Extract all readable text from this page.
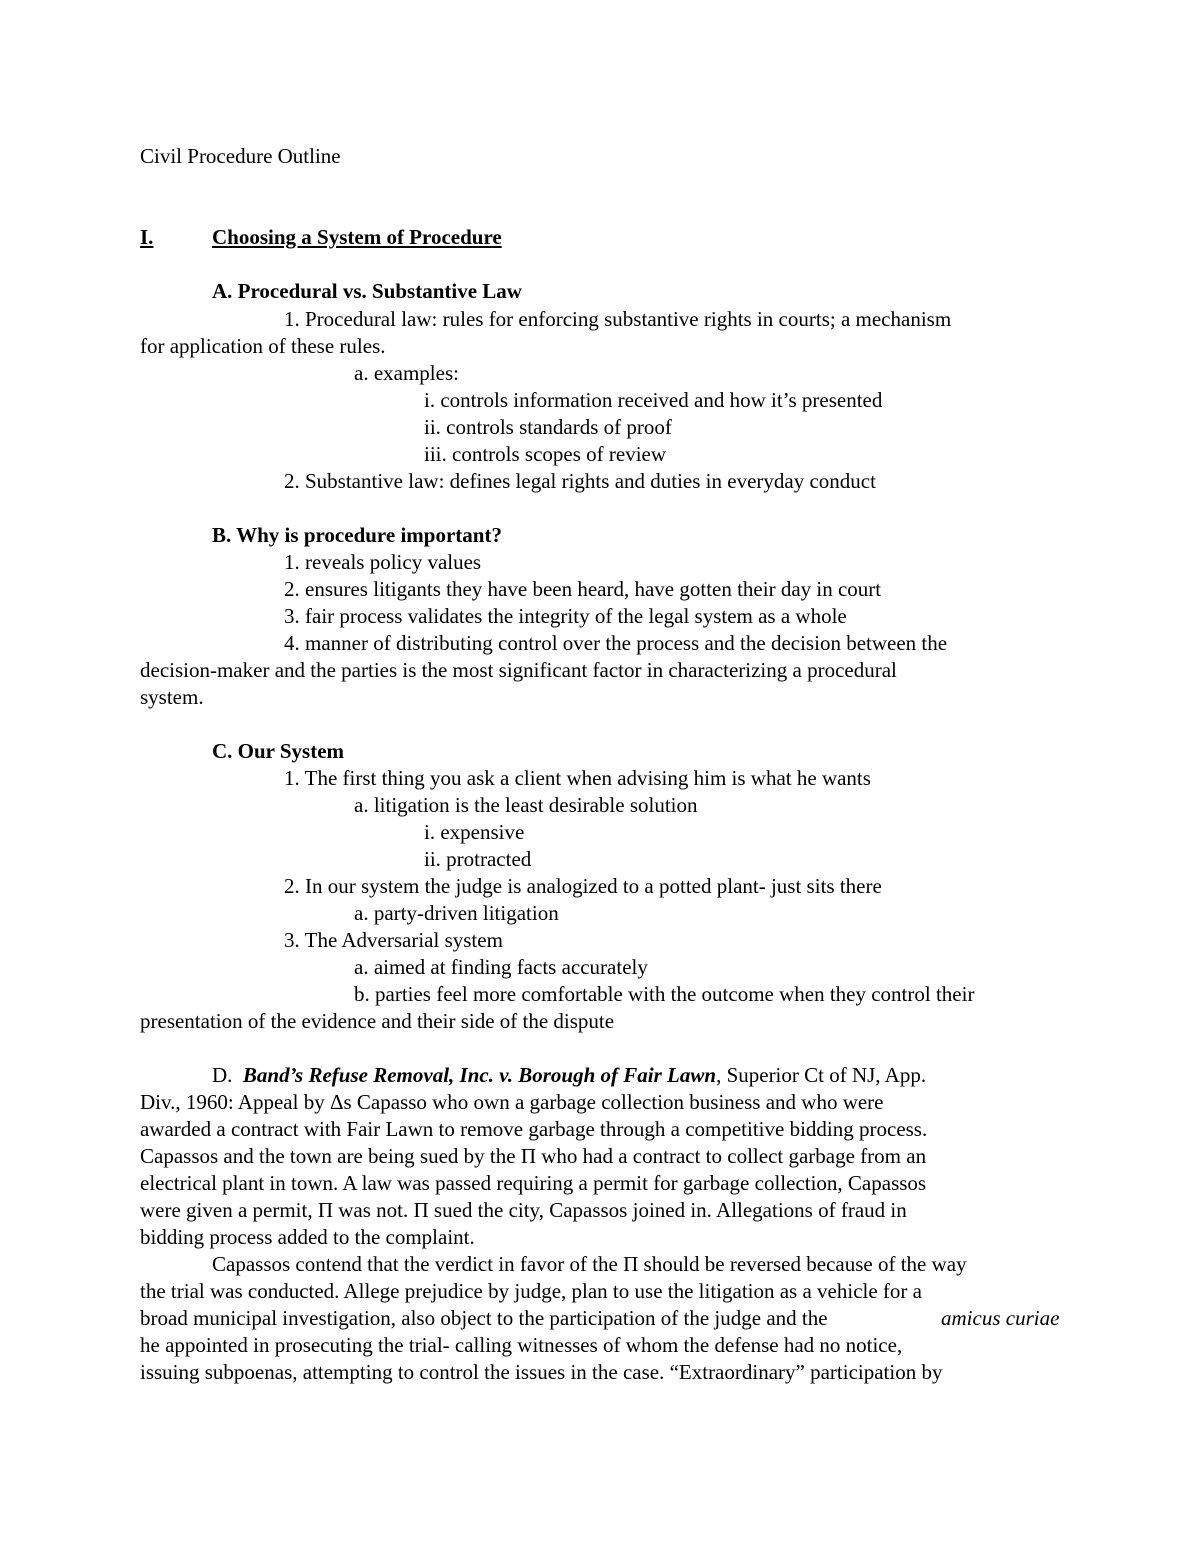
Civil Procedure Outline
I.	Choosing a System of Procedure
A. Procedural vs. Substantive Law
1. Procedural law: rules for enforcing substantive rights in courts; a mechanism
for application of these rules.
a. examples:
i. controls information received and how it’s presented
ii. controls standards of proof
iii. controls scopes of review
2. Substantive law: defines legal rights and duties in everyday conduct
B. Why is procedure important?
1. reveals policy values
2. ensures litigants they have been heard, have gotten their day in court
3. fair process validates the integrity of the legal system as a whole
4. manner of distributing control over the process and the decision between the
decision-maker and the parties is the most significant factor in characterizing a procedural
system.
C. Our System
1. The first thing you ask a client when advising him is what he wants
a. litigation is the least desirable solution
i. expensive
ii. protracted
2. In our system the judge is analogized to a potted plant- just sits there
a. party-driven litigation
3. The Adversarial system
a. aimed at finding facts accurately
b. parties feel more comfortable with the outcome when they control their
presentation of the evidence and their side of the dispute
D. Band’s Refuse Removal, Inc. v. Borough of Fair Lawn, Superior Ct of NJ, App.
Div., 1960: Appeal by Δs Capasso who own a garbage collection business and who were
awarded a contract with Fair Lawn to remove garbage through a competitive bidding process.
Capassos and the town are being sued by the Π who had a contract to collect garbage from an
electrical plant in town. A law was passed requiring a permit for garbage collection, Capassos
were given a permit, Π was not. Π sued the city, Capassos joined in. Allegations of fraud in
bidding process added to the complaint.
Capassos contend that the verdict in favor of the Π should be reversed because of the way
the trial was conducted. Allege prejudice by judge, plan to use the litigation as a vehicle for a
broad municipal investigation, also object to the participation of the judge and the	amicus curiae
he appointed in prosecuting the trial- calling witnesses of whom the defense had no notice,
issuing subpoenas, attempting to control the issues in the case. “Extraordinary” participation by
